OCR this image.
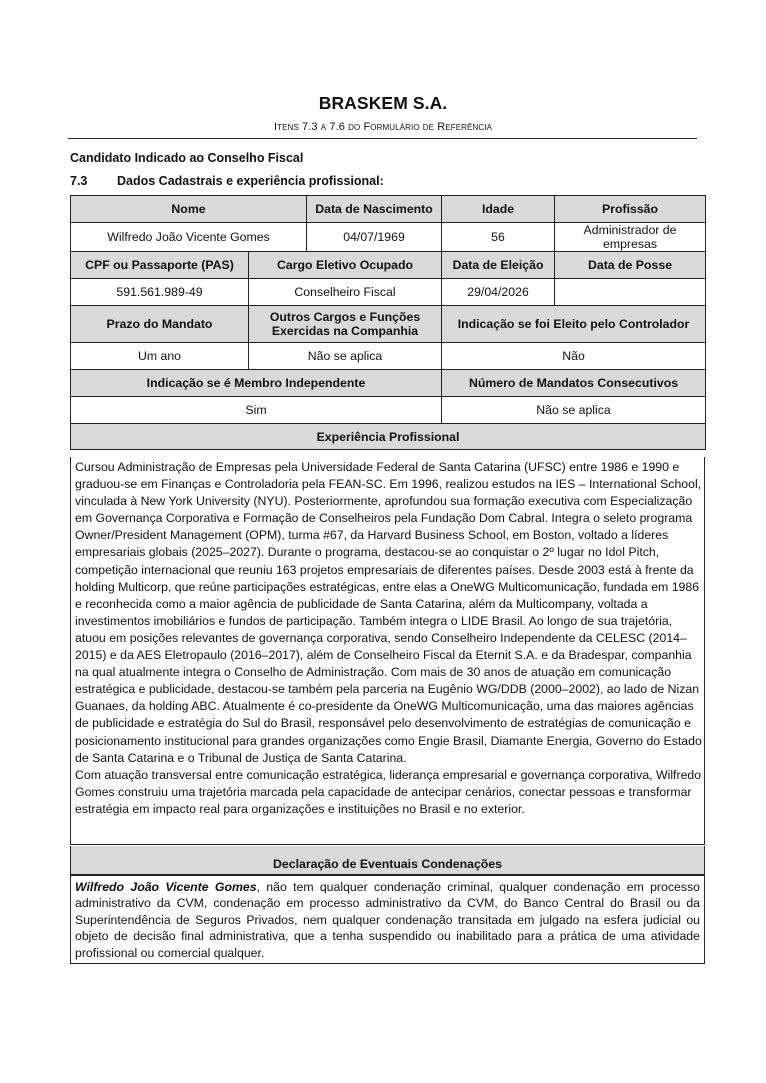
BRASKEM S.A.
Itens 7.3 a 7.6 do Formulário de Referência
Candidato Indicado ao Conselho Fiscal
7.3 Dados Cadastrais e experiência profissional:
Nome		Data de Nascimento	Idade	Profissão
Wilfredo João Vicente Gomes		04/07/1969	56	Administrador de empresas
CPF ou Passaporte (PAS)	Cargo Eletivo Ocupado		Data de Eleição	Data de Posse
591.561.989-49	Conselheiro Fiscal		29/04/2026	
Prazo do Mandato	Outros Cargos e Funções Exercidas na Companhia		Indicação se foi Eleito pelo Controlador	
Um ano	Não se aplica		Não	
Indicação se é Membro Independente			Número de Mandatos Consecutivos	
Sim			Não se aplica	
Experiência Profissional				

Cursou Administração de Empresas pela Universidade Federal de Santa Catarina (UFSC) entre 1986 e 1990 e graduou-se em Finanças e Controladoria pela FEAN-SC. Em 1996, realizou estudos na IES – International School, vinculada à New York University (NYU). Posteriormente, aprofundou sua formação executiva com Especialização em Governança Corporativa e Formação de Conselheiros pela Fundação Dom Cabral. Integra o seleto programa Owner/President Management (OPM), turma #67, da Harvard Business School, em Boston, voltado a líderes empresariais globais (2025–2027). Durante o programa, destacou-se ao conquistar o 2º lugar no Idol Pitch, competição internacional que reuniu 163 projetos empresariais de diferentes países. Desde 2003 está à frente da holding Multicorp, que reúne participações estratégicas, entre elas a OneWG Multicomunicação, fundada em 1986 e reconhecida como a maior agência de publicidade de Santa Catarina, além da Multicompany, voltada a investimentos imobiliários e fundos de participação. Também integra o LIDE Brasil. Ao longo de sua trajetória, atuou em posições relevantes de governança corporativa, sendo Conselheiro Independente da CELESC (2014–2015) e da AES Eletropaulo (2016–2017), além de Conselheiro Fiscal da Eternit S.A. e da Bradespar, companhia na qual atualmente integra o Conselho de Administração. Com mais de 30 anos de atuação em comunicação estratégica e publicidade, destacou-se também pela parceria na Eugênio WG/DDB (2000–2002), ao lado de Nizan Guanaes, da holding ABC. Atualmente é co-presidente da OneWG Multicomunicação, uma das maiores agências de publicidade e estratégia do Sul do Brasil, responsável pelo desenvolvimento de estratégias de comunicação e posicionamento institucional para grandes organizações como Engie Brasil, Diamante Energia, Governo do Estado de Santa Catarina e o Tribunal de Justiça de Santa Catarina.

Com atuação transversal entre comunicação estratégica, liderança empresarial e governança corporativa, Wilfredo Gomes construiu uma trajetória marcada pela capacidade de antecipar cenários, conectar pessoas e transformar estratégia em impacto real para organizações e instituições no Brasil e no exterior.

Declaração de Eventuais Condenações
Wilfredo João Vicente Gomes, não tem qualquer condenação criminal, qualquer condenação em processo administrativo da CVM, condenação em processo administrativo da CVM, do Banco Central do Brasil ou da Superintendência de Seguros Privados, nem qualquer condenação transitada em julgado na esfera judicial ou objeto de decisão final administrativa, que a tenha suspendido ou inabilitado para a prática de uma atividade profissional ou comercial qualquer.
